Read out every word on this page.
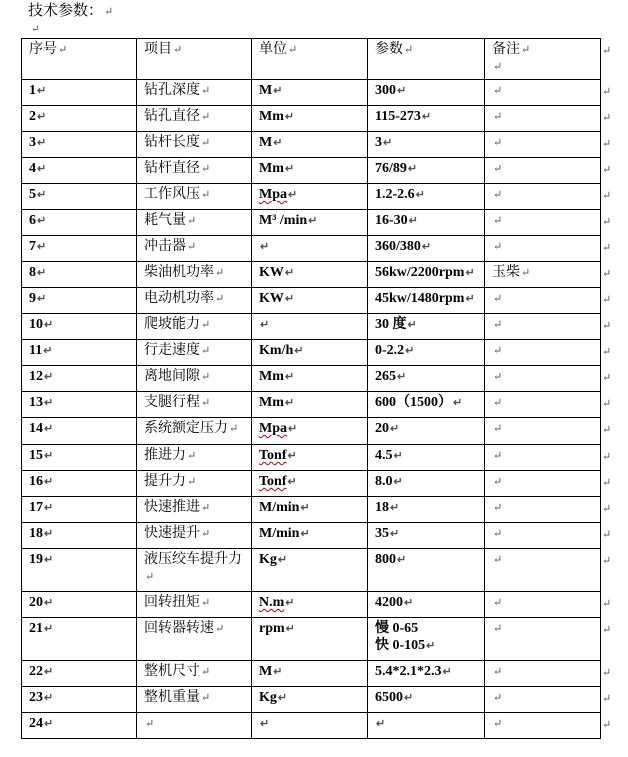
技术参数：↵
↵
序号↵	项目↵	单位↵	参数↵	备注↵
↵
1↵	钻孔深度↵	M↵	300↵	↵
2↵	钻孔直径↵	Mm↵	115-273↵	↵
3↵	钻杆长度↵	M↵	3↵	↵
4↵	钻杆直径↵	Mm↵	76/89↵	↵
5↵	工作风压↵	Mpa↵	1.2-2.6↵	↵
6↵	耗气量↵	M³ /min↵	16-30↵	↵
7↵	冲击器↵	↵	360/380↵	↵
8↵	柴油机功率↵	KW↵	56kw/2200rpm↵	玉柴↵
9↵	电动机功率↵	KW↵	45kw/1480rpm↵	↵
10↵	爬坡能力↵	↵	30 度↵	↵
11↵	行走速度↵	Km/h↵	0-2.2↵	↵
12↵	离地间隙↵	Mm↵	265↵	↵
13↵	支腿行程↵	Mm↵	600（1500）↵	↵
14↵	系统额定压力↵	Mpa↵	20↵	↵
15↵	推进力↵	Tonf↵	4.5↵	↵
16↵	提升力↵	Tonf↵	8.0↵	↵
17↵	快速推进↵	M/min↵	18↵	↵
18↵	快速提升↵	M/min↵	35↵	↵
19↵	液压绞车提升力↵	Kg↵	800↵	↵
20↵	回转扭矩↵	N.m↵	4200↵	↵
21↵	回转器转速↵	rpm↵	慢 0-65
快 0-105↵	↵
22↵	整机尺寸↵	M↵	5.4*2.1*2.3↵	↵
23↵	整机重量↵	Kg↵	6500↵	↵
24↵	↵	↵	↵	↵
↵
↵
↵
↵
↵
↵
↵
↵
↵
↵
↵
↵
↵
↵
↵
↵
↵
↵
↵
↵
↵
↵
↵
↵
↵
